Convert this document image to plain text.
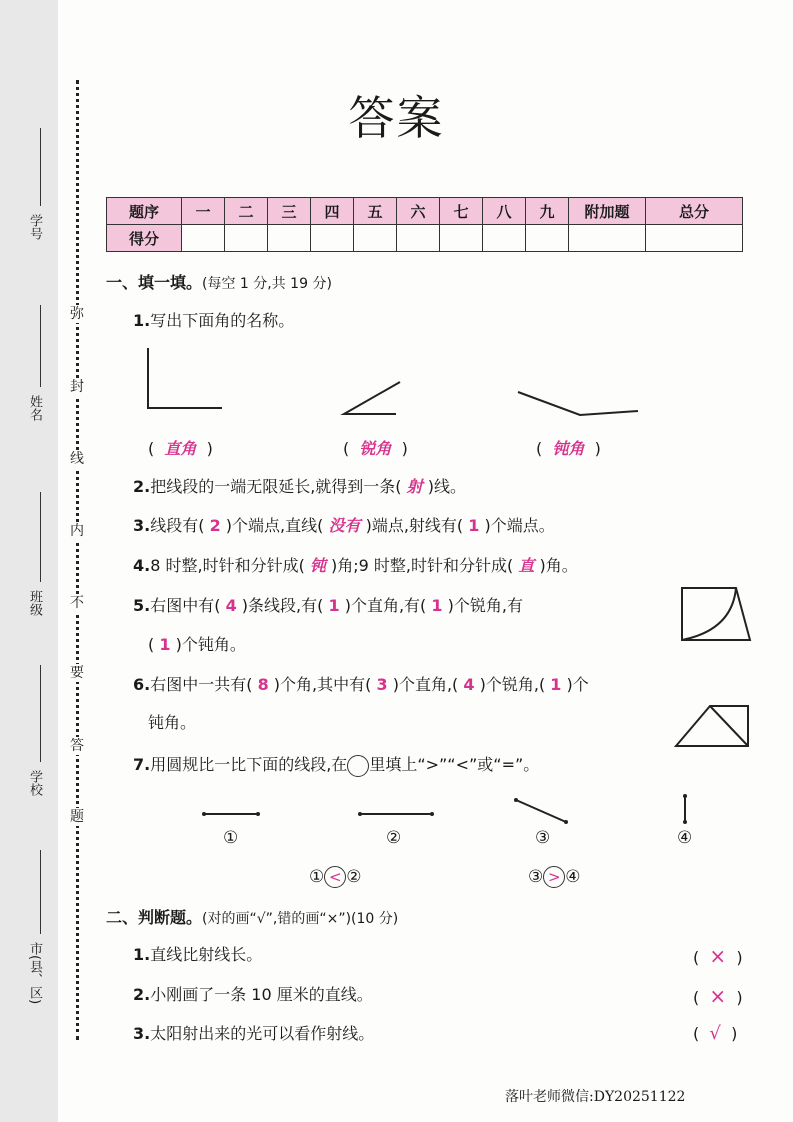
学号
姓名
班级
学校
市(县、区)
弥
封
线
内
不
要
答
题
答案
题序	一	二	三	四	五	六	七	八	九	附加题	总分
得分											
一、填一填。(每空 1 分,共 19 分)
1.写出下面角的名称。
(  直角  )	(  锐角  )	(  钝角  )
2.把线段的一端无限延长,就得到一条( 射 )线。
3.线段有( 2 )个端点,直线( 没有 )端点,射线有( 1 )个端点。
4.8 时整,时针和分针成( 钝 )角;9 时整,时针和分针成( 直 )角。
5.右图中有( 4 )条线段,有( 1 )个直角,有( 1 )个锐角,有
( 1 )个钝角。
6.右图中一共有( 8 )个角,其中有( 3 )个直角,( 4 )个锐角,( 1 )个
钝角。
7.用圆规比一比下面的线段,在 里填上“>”“<”或“=”。
①	②	③	④
① < ②	③ > ④
二、判断题。(对的画“√”,错的画“×”)(10 分)
1.直线比射线长。	(  ×  )
2.小刚画了一条 10 厘米的直线。	(  ×  )
3.太阳射出来的光可以看作射线。	(  √  )
落叶老师微信:DY20251122
